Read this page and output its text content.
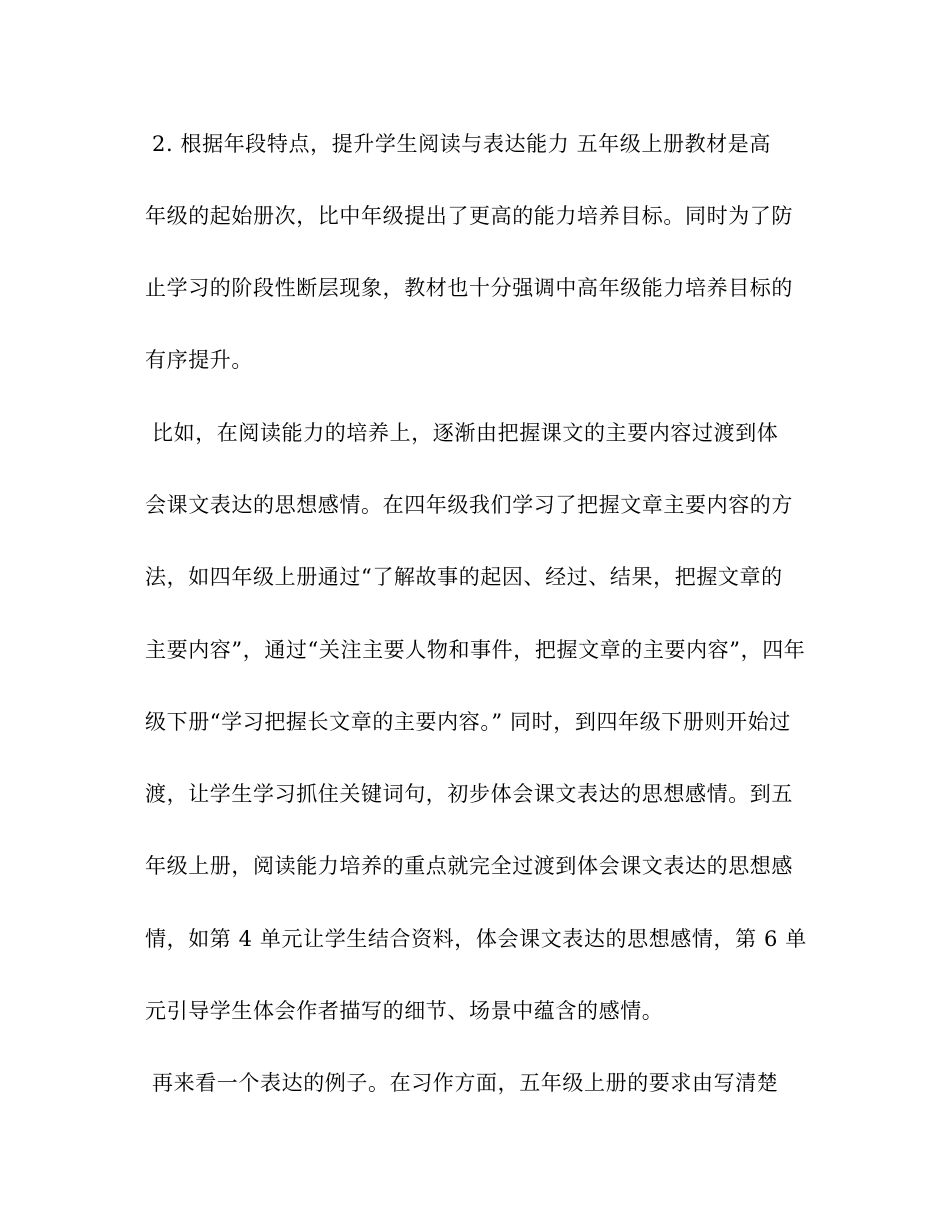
2. 根据年段特点，提升学生阅读与表达能力 五年级上册教材是高
年级的起始册次，比中年级提出了更高的能力培养目标。同时为了防
止学习的阶段性断层现象，教材也十分强调中高年级能力培养目标的
有序提升。
比如，在阅读能力的培养上，逐渐由把握课文的主要内容过渡到体
会课文表达的思想感情。在四年级我们学习了把握文章主要内容的方
法，如四年级上册通过“了解故事的起因、经过、结果，把握文章的
主要内容”，通过“关注主要人物和事件，把握文章的主要内容”，四年
级下册“学习把握长文章的主要内容。” 同时，到四年级下册则开始过
渡，让学生学习抓住关键词句，初步体会课文表达的思想感情。到五
年级上册，阅读能力培养的重点就完全过渡到体会课文表达的思想感
情，如第 4 单元让学生结合资料，体会课文表达的思想感情，第 6 单
元引导学生体会作者描写的细节、场景中蕴含的感情。
再来看一个表达的例子。在习作方面，五年级上册的要求由写清楚
